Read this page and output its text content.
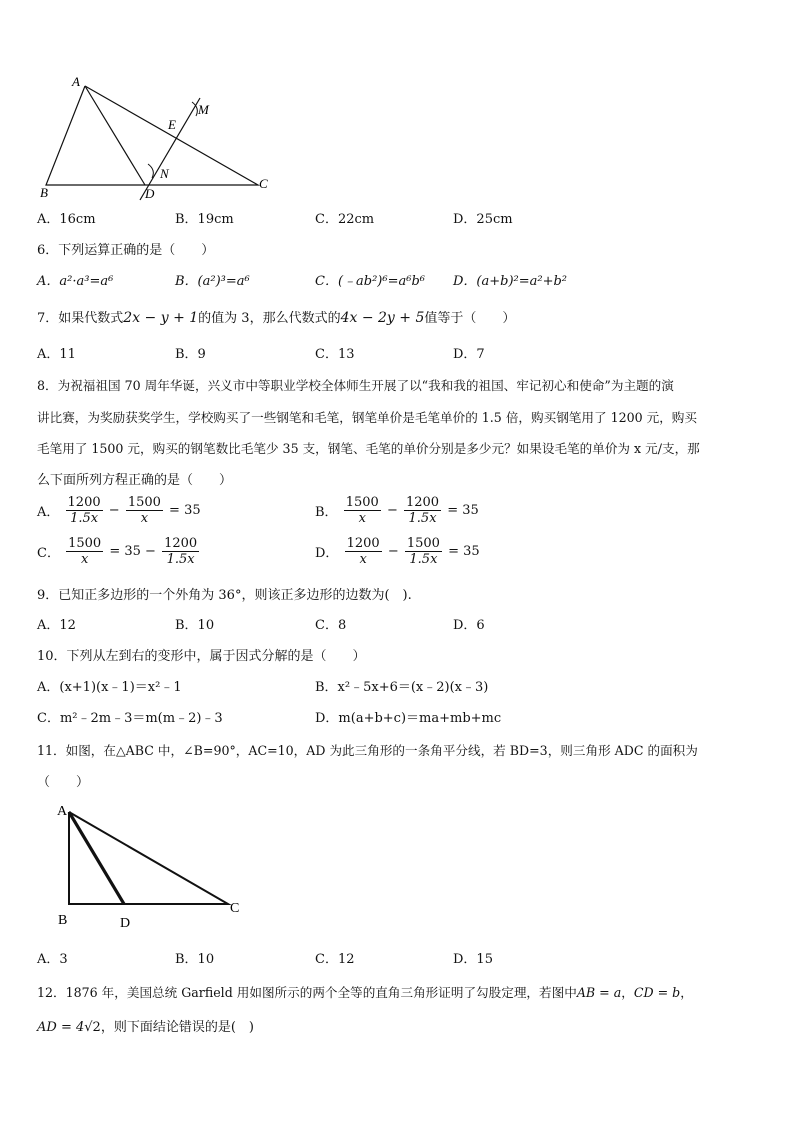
A
B
C
D
E
M
N
A．16cm	B．19cm	C．22cm	D．25cm
6．下列运算正确的是（　　）
A．a²·a³=a⁶	B．(a²)³=a⁶	C．(﹣ab²)⁶=a⁶b⁶ D．(a+b)²=a²+b²
7．如果代数式2x − y + 1的值为 3，那么代数式的4x − 2y + 5值等于（　　）
A．11	B．9	C．13	D．7
8．为祝福祖国 70 周年华诞，兴义市中等职业学校全体师生开展了以“我和我的祖国、牢记初心和使命”为主题的演
讲比赛，为奖励获奖学生，学校购买了一些钢笔和毛笔，钢笔单价是毛笔单价的 1.5 倍，购买钢笔用了 1200 元，购买
毛笔用了 1500 元，购买的钢笔数比毛笔少 35 支，钢笔、毛笔的单价分别是多少元？如果设毛笔的单价为 x 元/支，那
么下面所列方程正确的是（　　）
A． $\frac{1200}{1.5x} - \frac{1500}{x} = 35$	B． $\frac{1500}{x} - \frac{1200}{1.5x} = 35$
C． $\frac{1500}{x} = 35 - \frac{1200}{1.5x}$	D． $\frac{1200}{x} - \frac{1500}{1.5x} = 35$
9．已知正多边形的一个外角为 36°，则该正多边形的边数为(　).
A．12	B．10	C．8	D．6
10．下列从左到右的变形中，属于因式分解的是（　　）
A．(x+1)(x﹣1)＝x²﹣1	B．x²﹣5x+6＝(x﹣2)(x﹣3)
C．m²﹣2m﹣3＝m(m﹣2)﹣3	D．m(a+b+c)＝ma+mb+mc
11．如图，在△ABC 中，∠B=90°，AC=10，AD 为此三角形的一条角平分线，若 BD=3，则三角形 ADC 的面积为
（　　）
A
B
C
D
A．3	B．10	C．12	D．15
12．1876 年，美国总统 Garfield 用如图所示的两个全等的直角三角形证明了勾股定理，若图中AB = a，CD = b，
AD = 4√2，则下面结论错误的是(　)
